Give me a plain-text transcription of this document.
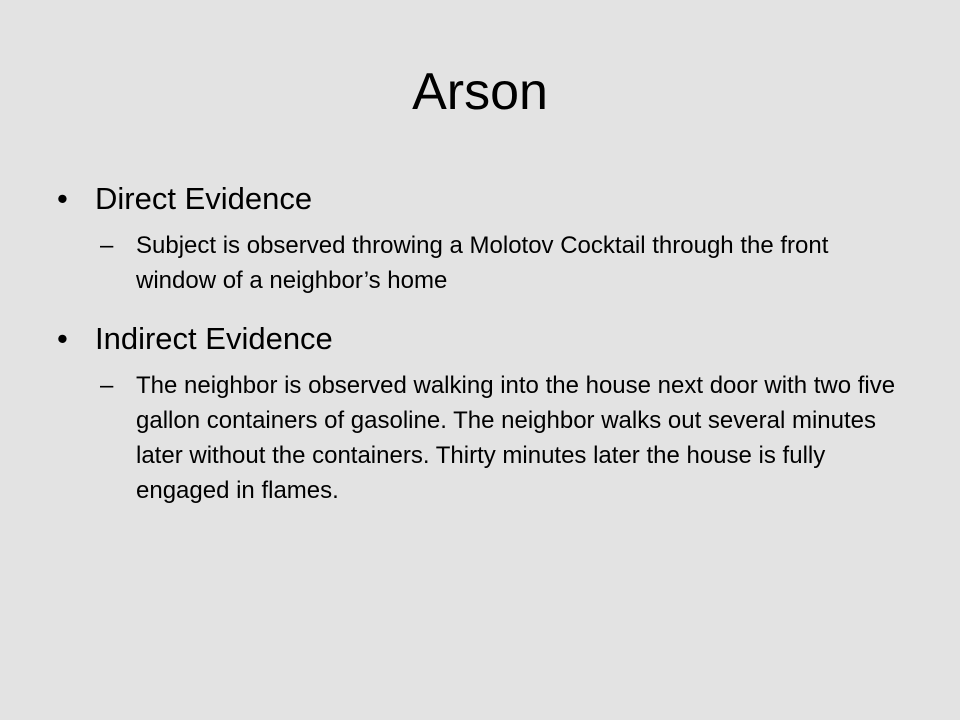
Arson
• Direct Evidence
– Subject is observed throwing a Molotov Cocktail through the front window of a neighbor’s home
• Indirect Evidence
– The neighbor is observed walking into the house next door with two five gallon containers of gasoline. The neighbor walks out several minutes later without the containers. Thirty minutes later the house is fully engaged in flames.
